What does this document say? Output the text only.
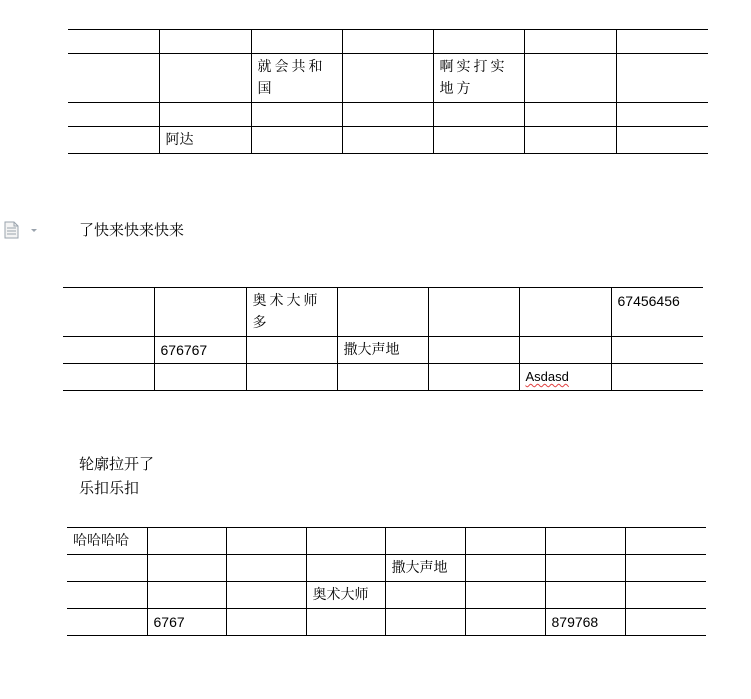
		就会共和国		啊实打实地方		

	阿达					
了快来快来快来
		奥术大师多				67456456
	676767		撒大声地			
					Asdasd	
轮廓拉开了
乐扣乐扣
哈哈哈哈							
				撒大声地			
			奥术大师				
	6767					879768	
